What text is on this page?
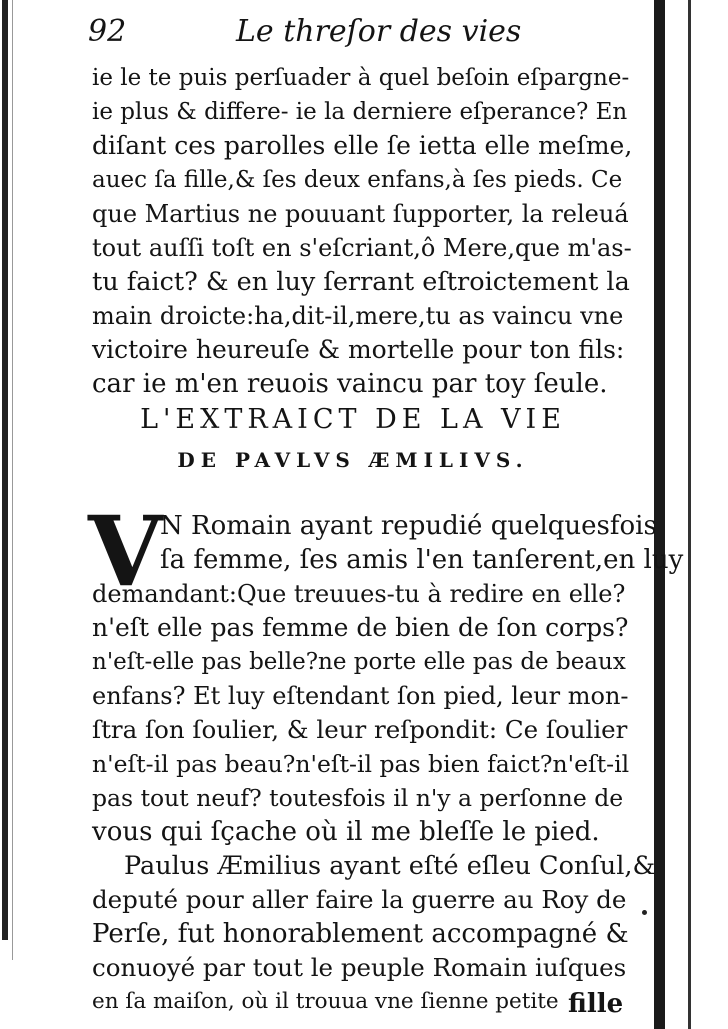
92	Le threſor des vies
ie le te puis perſuader à quel beſoin eſpargne-
ie plus & differe- ie la derniere eſperance? En
diſant ces parolles elle ſe ietta elle meſme,
auec ſa fille,& ſes deux enfans,à ſes pieds. Ce
que Martius ne pouuant ſupporter, la releuá
tout auſſi toſt en s'eſcriant,ô Mere,que m'as-
tu faict? & en luy ſerrant eſtroictement la
main droicte:ha,dit-il,mere,tu as vaincu vne
victoire heureuſe & mortelle pour ton fils:
car ie m'en reuois vaincu par toy ſeule.
L'EXTRAICT DE LA VIE
DE PAVLVS ÆMILIVS.
V
N Romain ayant repudié quelquesfois
ſa femme, ſes amis l'en tanſerent,en luy
demandant:Que treuues-tu à redire en elle?
n'eſt elle pas femme de bien de ſon corps?
n'eſt-elle pas belle?ne porte elle pas de beaux
enfans? Et luy eſtendant ſon pied, leur mon-
ſtra ſon ſoulier, & leur reſpondit: Ce ſoulier
n'eſt-il pas beau?n'eſt-il pas bien faict?n'eſt-il
pas tout neuf? toutesfois il n'y a perſonne de
vous qui ſçache où il me bleſſe le pied.
Paulus Æmilius ayant eſté eſleu Conſul,&
deputé pour aller faire la guerre au Roy de
Perſe, fut honorablement accompagné &
conuoyé par tout le peuple Romain iuſques
en ſa maiſon, où il trouua vne ſienne petite fille
